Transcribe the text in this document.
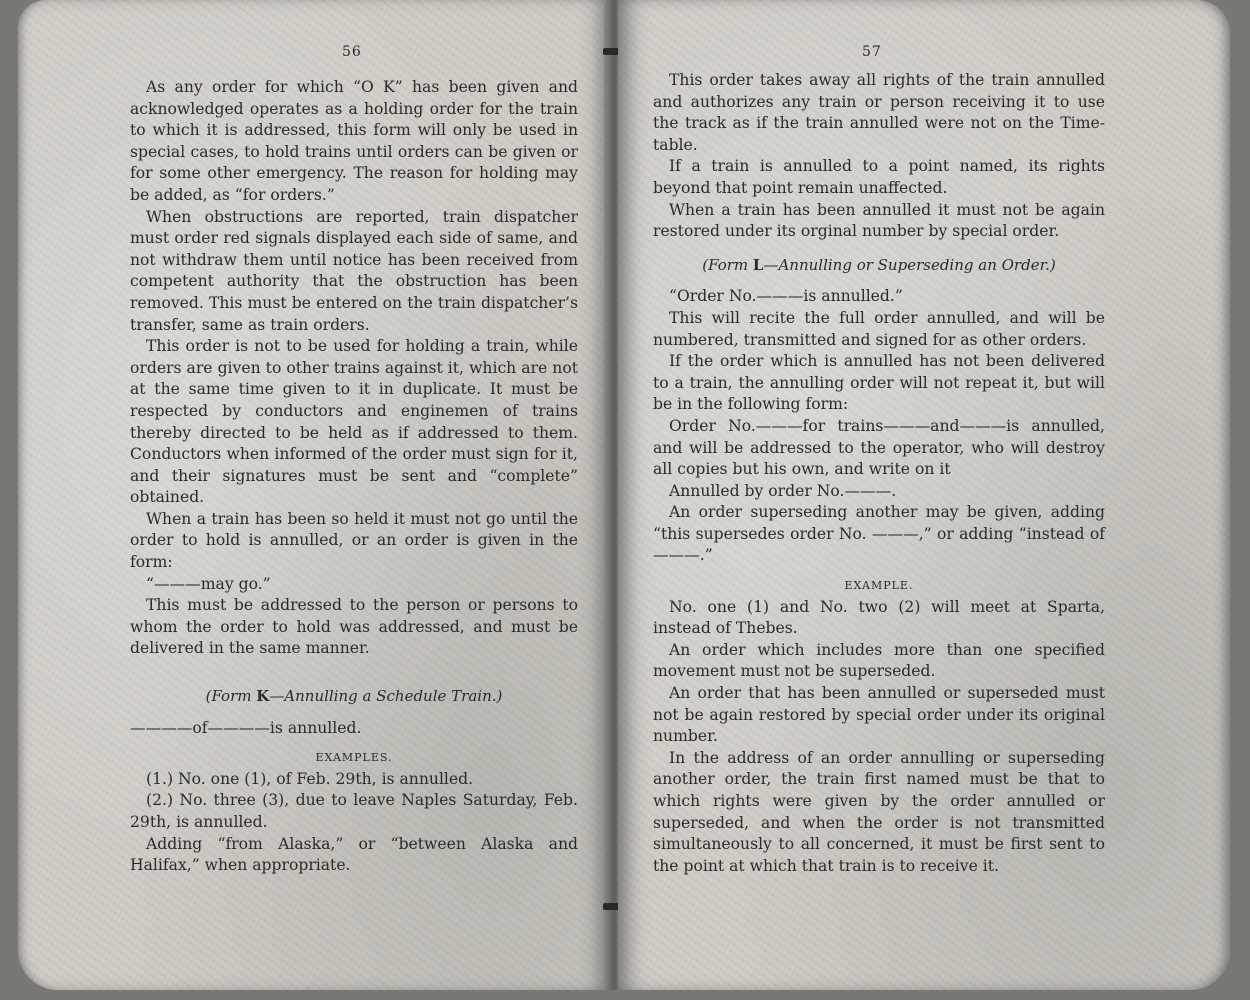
56

As any order for which “O K” has been given and acknowledged operates as a holding order for the train to which it is addressed, this form will only be used in special cases, to hold trains until orders can be given or for some other emergency. The reason for holding may be added, as “for orders.”

When obstructions are reported, train dispatcher must order red signals displayed each side of same, and not withdraw them until notice has been received from competent authority that the obstruction has been removed. This must be entered on the train dispatcher’s transfer, same as train orders.

This order is not to be used for holding a train, while orders are given to other trains against it, which are not at the same time given to it in duplicate. It must be respected by conductors and enginemen of trains thereby directed to be held as if addressed to them. Conductors when informed of the order must sign for it, and their signatures must be sent and “complete” obtained.

When a train has been so held it must not go until the order to hold is annulled, or an order is given in the form:

“———may go.”

This must be addressed to the person or persons to whom the order to hold was addressed, and must be delivered in the same manner.

(Form K—Annulling a Schedule Train.)

————of————is annulled.

EXAMPLES.

(1.) No. one (1), of Feb. 29th, is annulled.

(2.) No. three (3), due to leave Naples Saturday, Feb. 29th, is annulled.

Adding “from Alaska,” or “between Alaska and Halifax,” when appropriate.

57

This order takes away all rights of the train annulled and authorizes any train or person receiving it to use the track as if the train annulled were not on the Time-table.

If a train is annulled to a point named, its rights beyond that point remain unaffected.

When a train has been annulled it must not be again restored under its orginal number by special order.

(Form L—Annulling or Superseding an Order.)

“Order No.———is annulled.”

This will recite the full order annulled, and will be numbered, transmitted and signed for as other orders.

If the order which is annulled has not been delivered to a train, the annulling order will not repeat it, but will be in the following form:

Order No.———for trains———and———is annulled, and will be addressed to the operator, who will destroy all copies but his own, and write on it

Annulled by order No.———.

An order superseding another may be given, adding “this supersedes order No. ———,” or adding “instead of———.”

EXAMPLE.

No. one (1) and No. two (2) will meet at Sparta, instead of Thebes.

An order which includes more than one specified movement must not be superseded.

An order that has been annulled or superseded must not be again restored by special order under its original number.

In the address of an order annulling or superseding another order, the train first named must be that to which rights were given by the order annulled or superseded, and when the order is not transmitted simultaneously to all concerned, it must be first sent to the point at which that train is to receive it.
